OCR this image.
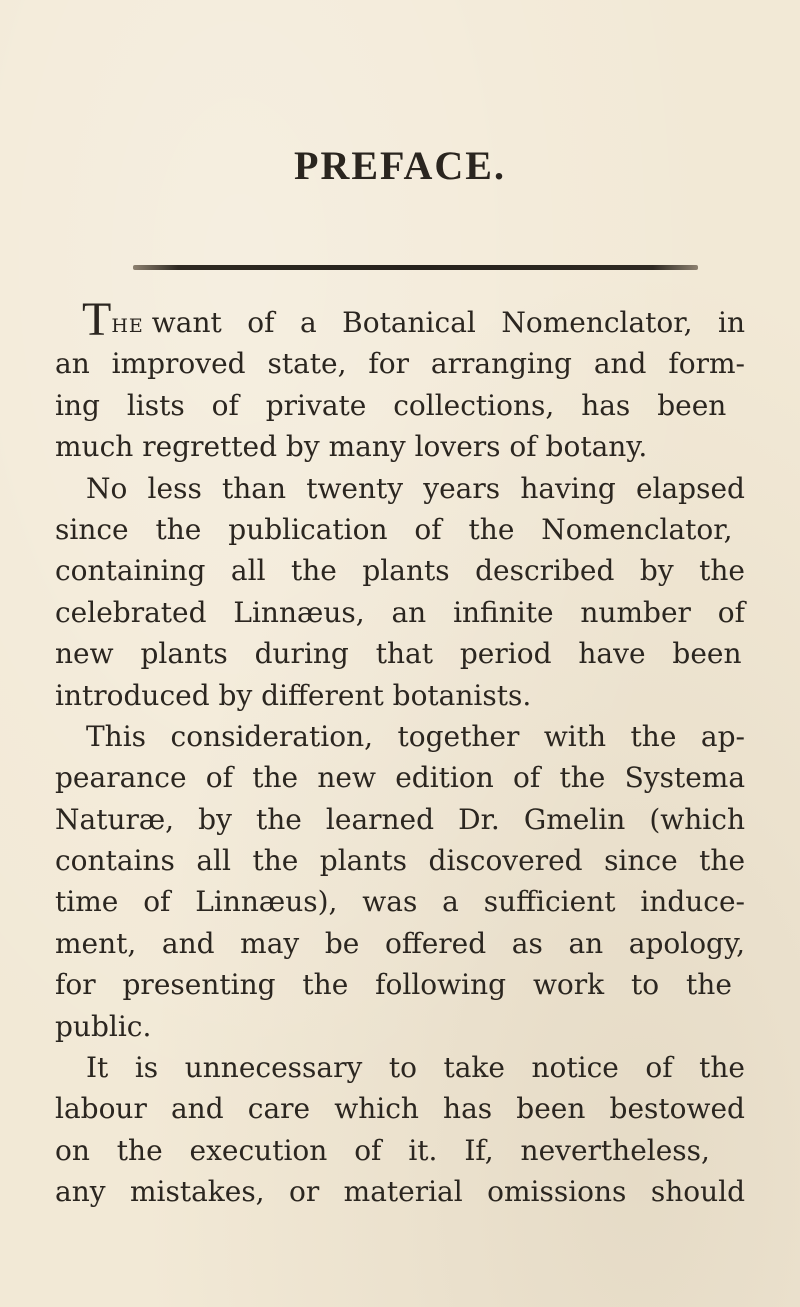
PREFACE.
THE want of a Botanical Nomenclator, in
an improved state, for arranging and form-
ing lists of private collections, has been
much regretted by many lovers of botany.
No less than twenty years having elapsed
since the publication of the Nomenclator,
containing all the plants described by the
celebrated Linnæus, an infinite number of
new plants during that period have been
introduced by different botanists.
This consideration, together with the ap-
pearance of the new edition of the Systema
Naturæ, by the learned Dr. Gmelin (which
contains all the plants discovered since the
time of Linnæus), was a sufficient induce-
ment, and may be offered as an apology,
for presenting the following work to the
public.
It is unnecessary to take notice of the
labour and care which has been bestowed
on the execution of it. If, nevertheless,
any mistakes, or material omissions should
